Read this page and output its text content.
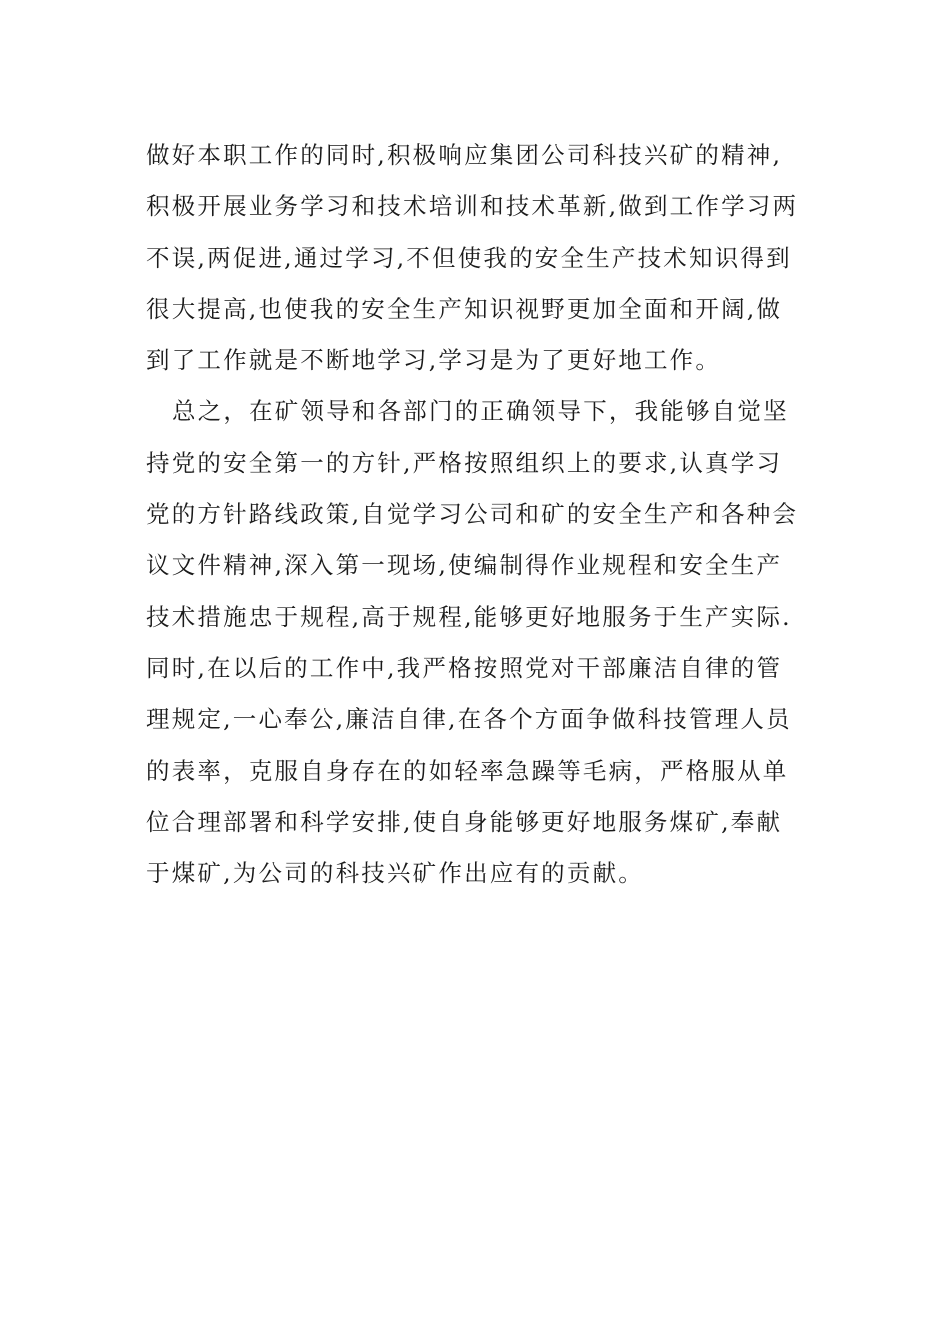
做好本职工作的同时,积极响应集团公司科技兴矿的精神,
积极开展业务学习和技术培训和技术革新,做到工作学习两
不误,两促进,通过学习,不但使我的安全生产技术知识得到
很大提高,也使我的安全生产知识视野更加全面和开阔,做
到了工作就是不断地学习,学习是为了更好地工作。
总之，在矿领导和各部门的正确领导下，我能够自觉坚
持党的安全第一的方针,严格按照组织上的要求,认真学习
党的方针路线政策,自觉学习公司和矿的安全生产和各种会
议文件精神,深入第一现场,使编制得作业规程和安全生产
技术措施忠于规程,高于规程,能够更好地服务于生产实际.
同时,在以后的工作中,我严格按照党对干部廉洁自律的管
理规定,一心奉公,廉洁自律,在各个方面争做科技管理人员
的表率，克服自身存在的如轻率急躁等毛病，严格服从单
位合理部署和科学安排,使自身能够更好地服务煤矿,奉献
于煤矿,为公司的科技兴矿作出应有的贡献。
